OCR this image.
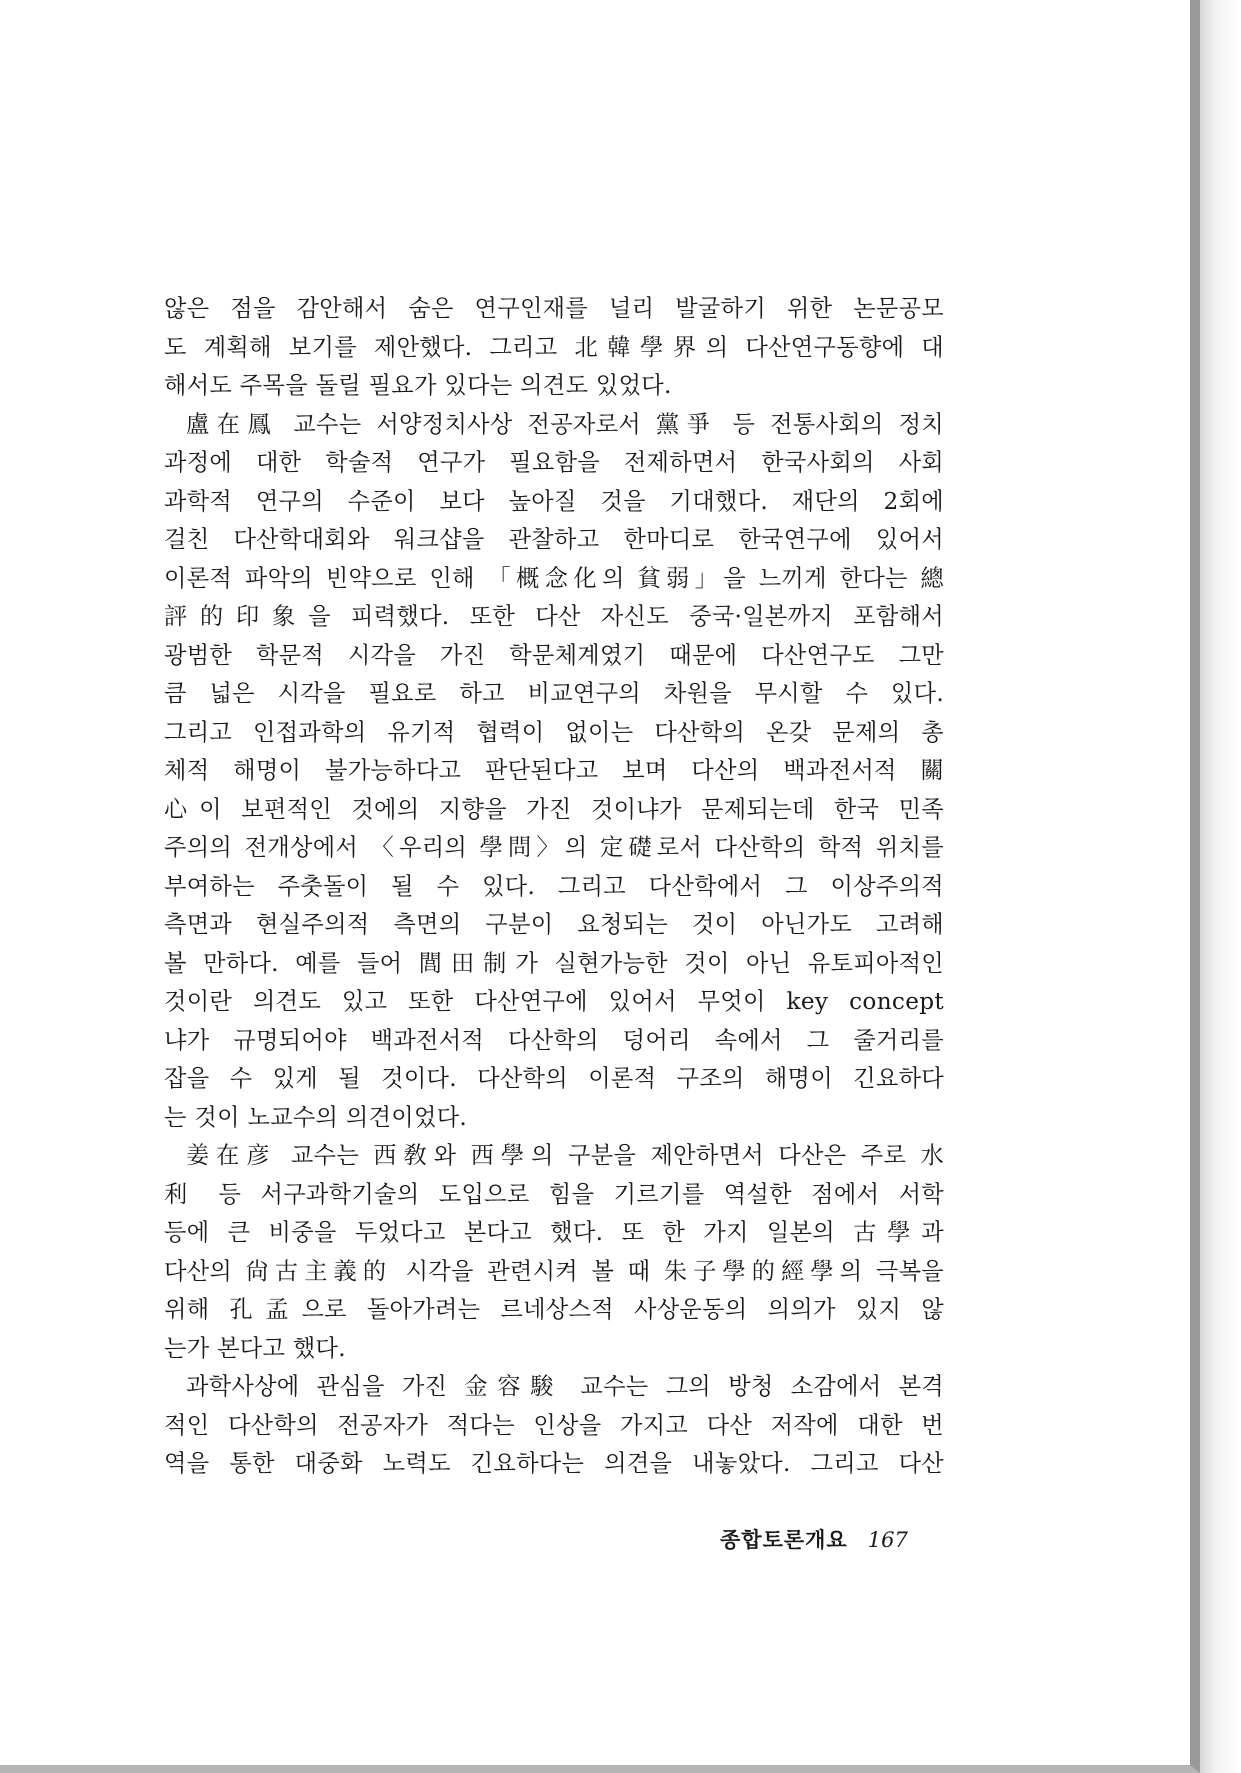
않은 점을 감안해서 숨은 연구인재를 널리 발굴하기 위한 논문공모
도 계획해 보기를 제안했다. 그리고 北韓學界의 다산연구동향에 대
해서도 주목을 돌릴 필요가 있다는 의견도 있었다.
盧在鳳 교수는 서양정치사상 전공자로서 黨爭 등 전통사회의 정치
과정에 대한 학술적 연구가 필요함을 전제하면서 한국사회의 사회
과학적 연구의 수준이 보다 높아질 것을 기대했다. 재단의 2회에
걸친 다산학대회와 워크샵을 관찰하고 한마디로 한국연구에 있어서
이론적 파악의 빈약으로 인해 「概念化의 貧弱」을 느끼게 한다는 總
評的印象을 피력했다. 또한 다산 자신도 중국·일본까지 포함해서
광범한 학문적 시각을 가진 학문체계였기 때문에 다산연구도 그만
큼 넓은 시각을 필요로 하고 비교연구의 차원을 무시할 수 있다.
그리고 인접과학의 유기적 협력이 없이는 다산학의 온갖 문제의 총
체적 해명이 불가능하다고 판단된다고 보며 다산의 백과전서적 關
心이 보편적인 것에의 지향을 가진 것이냐가 문제되는데 한국 민족
주의의 전개상에서 〈우리의 學問〉의 定礎로서 다산학의 학적 위치를
부여하는 주춧돌이 될 수 있다. 그리고 다산학에서 그 이상주의적
측면과 현실주의적 측면의 구분이 요청되는 것이 아닌가도 고려해
볼 만하다. 예를 들어 閭田制가 실현가능한 것이 아닌 유토피아적인
것이란 의견도 있고 또한 다산연구에 있어서 무엇이 key concept
냐가 규명되어야 백과전서적 다산학의 덩어리 속에서 그 줄거리를
잡을 수 있게 될 것이다. 다산학의 이론적 구조의 해명이 긴요하다
는 것이 노교수의 의견이었다.
姜在彦 교수는 西敎와 西學의 구분을 제안하면서 다산은 주로 水
利 등 서구과학기술의 도입으로 힘을 기르기를 역설한 점에서 서학
등에 큰 비중을 두었다고 본다고 했다. 또 한 가지 일본의 古學과
다산의 尙古主義的 시각을 관련시켜 볼 때 朱子學的經學의 극복을
위해 孔孟으로 돌아가려는 르네상스적 사상운동의 의의가 있지 않
는가 본다고 했다.
과학사상에 관심을 가진 金容駿 교수는 그의 방청 소감에서 본격
적인 다산학의 전공자가 적다는 인상을 가지고 다산 저작에 대한 번
역을 통한 대중화 노력도 긴요하다는 의견을 내놓았다. 그리고 다산
종합토론개요 167
